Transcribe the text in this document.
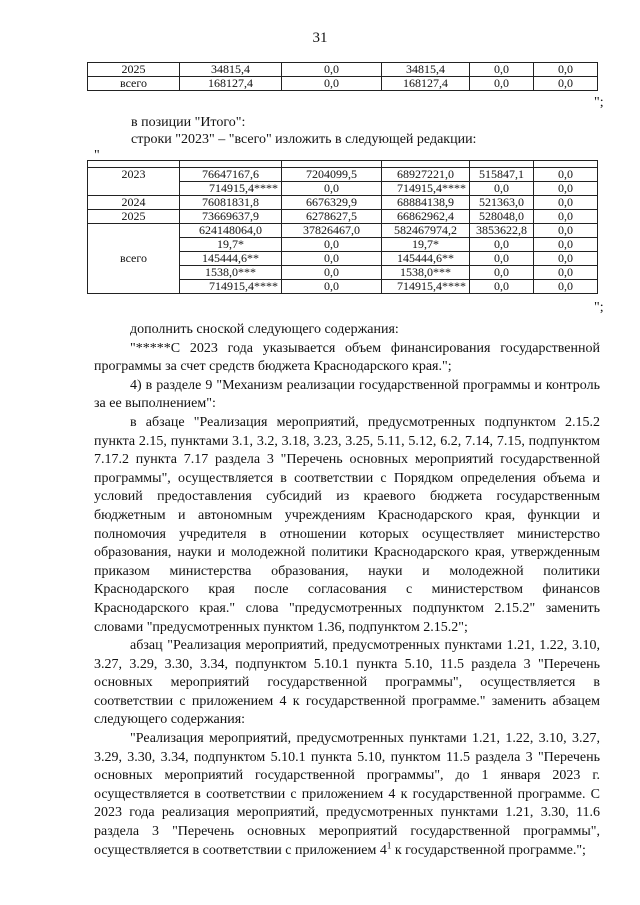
31
2025	34815,4	0,0	34815,4	0,0	0,0
всего	168127,4	0,0	168127,4	0,0	0,0
";
в позиции "Итого":
строки "2023" – "всего" изложить в следующей редакции:
"

2023	76647167,6	7204099,5	68927221,0	515847,1	0,0
	714915,4****	0,0	714915,4****	0,0	0,0
2024	76081831,8	6676329,9	68884138,9	521363,0	0,0
2025	73669637,9	6278627,5	66862962,4	528048,0	0,0
всего	624148064,0	37826467,0	582467974,2	3853622,8	0,0
	19,7*	0,0	19,7*	0,0	0,0
	145444,6**	0,0	145444,6**	0,0	0,0
	1538,0***	0,0	1538,0***	0,0	0,0
	714915,4****	0,0	714915,4****	0,0	0,0
";

дополнить сноской следующего содержания:

"*****С 2023 года указывается объем финансирования государственной программы за счет средств бюджета Краснодарского края.";

4) в разделе 9 "Механизм реализации государственной программы и контроль за ее выполнением":

в абзаце "Реализация мероприятий, предусмотренных подпунктом 2.15.2 пункта 2.15, пунктами 3.1, 3.2, 3.18, 3.23, 3.25, 5.11, 5.12, 6.2, 7.14, 7.15, подпунктом 7.17.2 пункта 7.17 раздела 3 "Перечень основных мероприятий государственной программы", осуществляется в соответствии с Порядком определения объема и условий предоставления субсидий из краевого бюджета государственным бюджетным и автономным учреждениям Краснодарского края, функции и полномочия учредителя в отношении которых осуществляет министерство образования, науки и молодежной политики Краснодарского края, утвержденным приказом министерства образования, науки и молодежной политики Краснодарского края после согласования с министерством финансов Краснодарского края." слова "предусмотренных подпунктом 2.15.2" заменить словами "предусмотренных пунктом 1.36, подпунктом 2.15.2";

абзац "Реализация мероприятий, предусмотренных пунктами 1.21, 1.22, 3.10, 3.27, 3.29, 3.30, 3.34, подпунктом 5.10.1 пункта 5.10, 11.5 раздела 3 "Перечень основных мероприятий государственной программы", осуществляется в соответствии с приложением 4 к государственной программе." заменить абзацем следующего содержания:

"Реализация мероприятий, предусмотренных пунктами 1.21, 1.22, 3.10, 3.27, 3.29, 3.30, 3.34, подпунктом 5.10.1 пункта 5.10, пунктом 11.5 раздела 3 "Перечень основных мероприятий государственной программы", до 1 января 2023 г. осуществляется в соответствии с приложением 4 к государственной программе. С 2023 года реализация мероприятий, предусмотренных пунктами 1.21, 3.30, 11.6 раздела 3 "Перечень основных мероприятий государственной программы", осуществляется в соответствии с приложением $4^1$ к государственной программе.";
